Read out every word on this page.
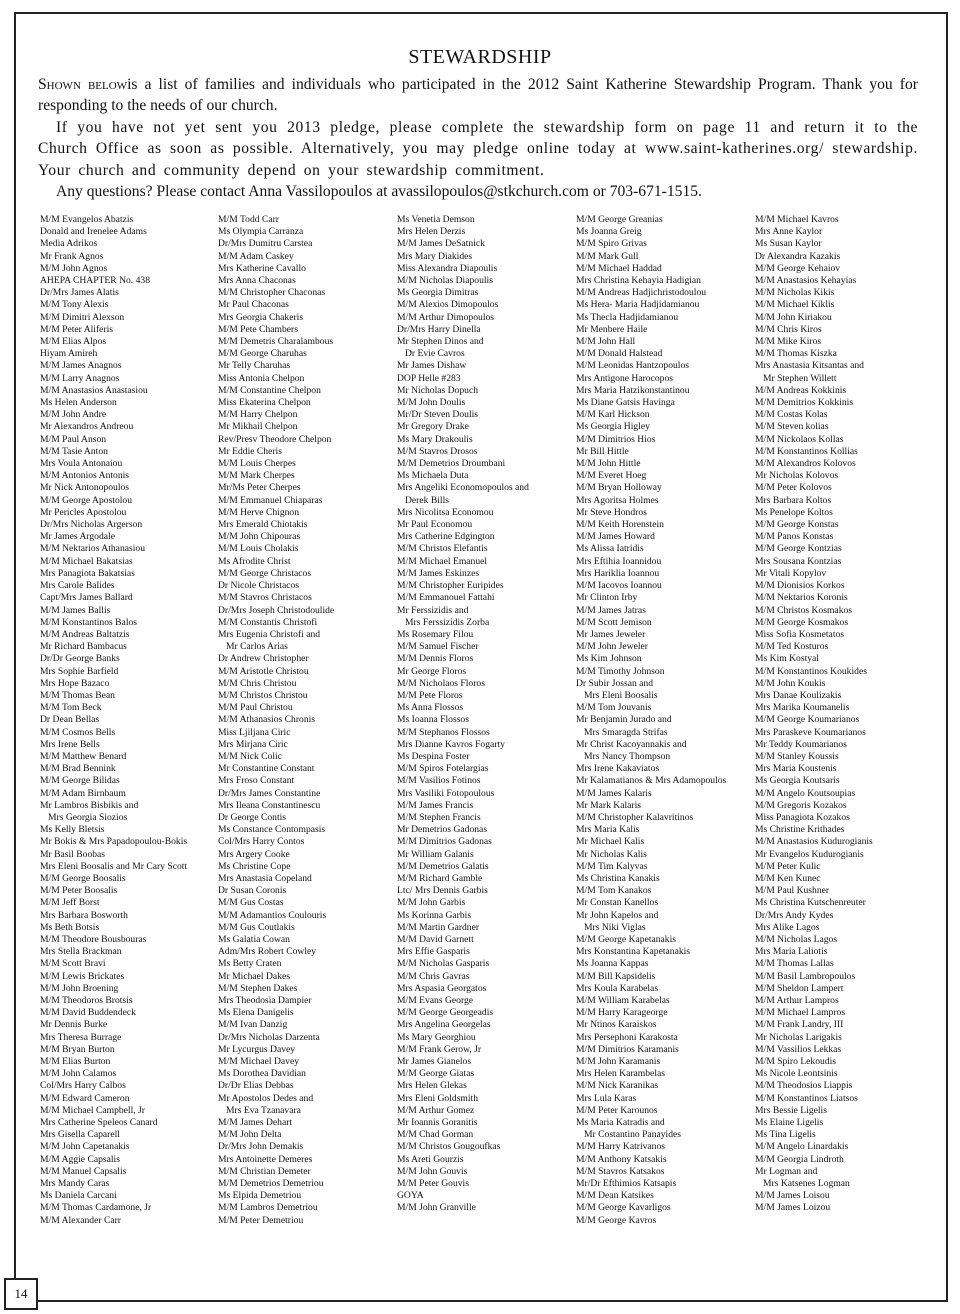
STEWARDSHIP

Shown belowis a list of families and individuals who participated in the 2012 Saint Katherine Stewardship Program. Thank you for responding to the needs of our church.

If you have not yet sent you 2013 pledge, please complete the stewardship form on page 11 and return it to the Church Office as soon as possible. Alternatively, you may pledge online today at www.saint-katherines.org/ stewardship. Your church and community depend on your stewardship commitment.

Any questions? Please contact Anna Vassilopoulos at avassilopoulos@stkchurch.com or 703-671-1515.

M/M Evangelos Abatzis
Donald and Irenelee Adams
Media Adrikos
Mr Frank Agnos
M/M John Agnos
AHEPA CHAPTER No. 438
Dr/Mrs James Alatis
M/M Tony Alexis
M/M Dimitri Alexson
M/M Peter Aliferis
M/M Elias Alpos
Hiyam Amireh
M/M James Anagnos
M/M Larry Anagnos
M/M Anastasios Anastasiou
Ms Helen Anderson
M/M John Andre
Mr Alexandros Andreou
M/M Paul Anson
M/M Tasie Anton
Mrs Voula Antonaiou
M/M Antonios Antonis
Mr Nick Antonopoulos
M/M George Apostolou
Mr Pericles Apostolou
Dr/Mrs Nicholas Argerson
Mr James Argodale
M/M Nektarios Athanasiou
M/M Michael Bakatsias
Mrs Panagiota Bakatsias
Mrs Carole Balides
Capt/Mrs James Ballard
M/M James Ballis
M/M Konstantinos Balos
M/M Andreas Baltatzis
Mr Richard Bambacus
Dr/Dr George Banks
Mrs Sophie Barfield
Mrs Hope Bazaco
M/M Thomas Bean
M/M Tom Beck
Dr Dean Bellas
M/M Cosmos Bells
Mrs Irene Bells
M/M Matthew Benard
M/M Brad Bennink
M/M George Bilidas
M/M Adam Birnbaum
Mr Lambros Bisbikis and
Mrs Georgia Siozios
Ms Kelly Bletsis
Mr Bokis & Mrs Papadopoulou-Bokis
Mr Basil Boobas
Mrs Eleni Boosalis and Mr Cary Scott
M/M George Boosalis
M/M Peter Boosalis
M/M Jeff Borst
Mrs Barbara Bosworth
Ms Beth Botsis
M/M Theodore Bousbouras
Mrs Stella Brackman
M/M Scott Bravi
M/M Lewis Brickates
M/M John Broening
M/M Theodoros Brotsis
M/M David Buddendeck
Mr Dennis Burke
Mrs Theresa Burrage
M/M Bryan Burton
M/M Elias Burton
M/M John Calamos
Col/Mrs Harry Calbos
M/M Edward Cameron
M/M Michael Campbell, Jr
Mrs Catherine Speleos Canard
Mrs Gisella Caparell
M/M John Capetanakis
M/M Aggie Capsalis
M/M Manuel Capsalis
Mrs Mandy Caras
Ms Daniela Carcani
M/M Thomas Cardamone, Jr
M/M Alexander Carr
M/M Todd Carr
Ms Olympia Carranza
Dr/Mrs Dumitru Carstea
M/M Adam Caskey
Mrs Katherine Cavallo
Mrs Anna Chaconas
M/M Christopher Chaconas
Mr Paul Chaconas
Mrs Georgia Chakeris
M/M Pete Chambers
M/M Demetris Charalambous
M/M George Charuhas
Mr Telly Charuhas
Miss Antonia Chelpon
M/M Constantine Chelpon
Miss Ekaterina Chelpon
M/M Harry Chelpon
Mr Mikhail Chelpon
Rev/Presv Theodore Chelpon
Mr Eddie Cheris
M/M Louis Cherpes
M/M Mark Cherpes
Mr/Ms Peter Cherpes
M/M Emmanuel Chiaparas
M/M Herve Chignon
Mrs Emerald Chiotakis
M/M John Chipouras
M/M Louis Cholakis
Ms Afrodite Christ
M/M George Christacos
Dr Nicole Christacos
M/M Stavros Christacos
Dr/Mrs Joseph Christodoulide
M/M Constantis Christofi
Mrs Eugenia Christofi and
Mr Carlos Arias
Dr Andrew Christopher
M/M Aristotle Christou
M/M Chris Christou
M/M Christos Christou
M/M Paul Christou
M/M Athanasios Chronis
Miss Ljiljana Ciric
Mrs Mirjana Ciric
M/M Nick Colic
Mr Constantine Constant
Mrs Froso Constant
Dr/Mrs James Constantine
Mrs Ileana Constantinescu
Dr George Contis
Ms Constance Contompasis
Col/Mrs Harry Contos
Mrs Argery Cooke
Ms Christine Cope
Mrs Anastasia Copeland
Dr Susan Coronis
M/M Gus Costas
M/M Adamantios Coulouris
M/M Gus Coutlakis
Ms Galatia Cowan
Adm/Mrs Robert Cowley
Ms Betty Craten
Mr Michael Dakes
M/M Stephen Dakes
Mrs Theodosia Dampier
Ms Elena Danigelis
M/M Ivan Danzig
Dr/Mrs Nicholas Darzenta
Mr Lycurgus Davey
M/M Michael Davey
Ms Dorothea Davidian
Dr/Dr Elias Debbas
Mr Apostolos Dedes and
Mrs Eva Tzanavara
M/M James Dehart
M/M John Delta
Dr/Mrs John Demakis
Mrs Antoinette Demeres
M/M Christian Demeter
M/M Demetrios Demetriou
Ms Elpida Demetriou
M/M Lambros Demetriou
M/M Peter Demetriou
Ms Venetia Demson
Mrs Helen Derzis
M/M James DeSatnick
Mrs Mary Diakides
Miss Alexandra Diapoulis
M/M Nicholas Diapoulis
Ms Georgia Dimitras
M/M Alexios Dimopoulos
M/M Arthur Dimopoulos
Dr/Mrs Harry Dinella
Mr Stephen Dinos and
Dr Evie Cavros
Mr James Dishaw
DOP Helle #283
Mr Nicholas Dopuch
M/M John Doulis
Mr/Dr Steven Doulis
Mr Gregory Drake
Ms Mary Drakoulis
M/M Stavros Drosos
M/M Demetrios Droumbani
Ms Michaela Duta
Mrs Angeliki Economopoulos and
Derek Bills
Mrs Nicolitsa Economou
Mr Paul Economou
Mrs Catherine Edgington
M/M Christos Elefantis
M/M Michael Emanuel
M/M James Eskinzes
M/M Christopher Euripides
M/M Emmanouel Fattahi
Mr Ferssizidis and
Mrs Ferssizidis Zorba
Ms Rosemary Filou
M/M Samuel Fischer
M/M Dennis Floros
Mr George Floros
M/M Nicholaos Floros
M/M Pete Floros
Ms Anna Flossos
Ms Ioanna Flossos
M/M Stephanos Flossos
Mrs Dianne Kavros Fogarty
Ms Despina Foster
M/M Spiros Fotelargias
M/M Vasilios Fotinos
Mrs Vasiliki Fotopoulous
M/M James Francis
M/M Stephen Francis
Mr Demetrios Gadonas
M/M Dimitrios Gadonas
Mr William Galanis
M/M Demetrios Galatis
M/M Richard Gamble
Ltc/ Mrs Dennis Garbis
M/M John Garbis
Ms Korinna Garbis
M/M Martin Gardner
M/M David Garnett
Mrs Effie Gasparis
M/M Nicholas Gasparis
M/M Chris Gavras
Mrs Aspasia Georgatos
M/M Evans George
M/M George Georgeadis
Mrs Angelina Georgelas
Ms Mary Georghiou
M/M Frank Gerow, Jr
Mr James Gianelos
M/M George Giatas
Mrs Helen Glekas
Mrs Eleni Goldsmith
M/M Arthur Gomez
Mr Ioannis Goranitis
M/M Chad Gorman
M/M Christos Gougoufkas
Ms Areti Gourzis
M/M John Gouvis
M/M Peter Gouvis
GOYA
M/M John Granville
M/M George Greanias
Ms Joanna Greig
M/M Spiro Grivas
M/M Mark Gull
M/M Michael Haddad
Mrs Christina Kehayia Hadigian
M/M Andreas Hadjichristodoulou
Ms Hera- Maria Hadjidamianou
Ms Thecla Hadjidamianou
Mr Menbere Haile
M/M John Hall
M/M Donald Halstead
M/M Leonidas Hantzopoulos
Mrs Antigone Harocopos
Mrs Maria Hatzikonstantinou
Ms Diane Gatsis Havinga
M/M Karl Hickson
Ms Georgia Higley
M/M Dimitrios Hios
Mr Bill Hittle
M/M John Hittle
M/M Everet Hoeg
M/M Bryan Holloway
Mrs Agoritsa Holmes
Mr Steve Hondros
M/M Keith Horenstein
M/M James Howard
Ms Alissa Iatridis
Mrs Eftihia Ioannidou
Mrs Hariklia Ioannou
M/M Iacovos Ioannou
Mr Clinton Irby
M/M James Jatras
M/M Scott Jemison
Mr James Jeweler
M/M John Jeweler
Ms Kim Johnson
M/M Timothy Johnson
Dr Subir Jossan and
Mrs Eleni Boosalis
M/M Tom Jouvanis
Mr Benjamin Jurado and
Mrs Smaragda Strifas
Mr Christ Kacoyannakis and
Mrs Nancy Thompson
Mrs Irene Kakaviatos
Mr Kalamatianos & Mrs Adamopoulos
M/M James Kalaris
Mr Mark Kalaris
M/M Christopher Kalavritinos
Mrs Maria Kalis
Mr Michael Kalis
Mr Nicholas Kalis
M/M Tim Kalyvas
Ms Christina Kanakis
M/M Tom Kanakos
Mr Constan Kanellos
Mr John Kapelos and
Mrs Niki Viglas
M/M George Kapetanakis
Mrs Konstantina Kapetanakis
Ms Joanna Kappas
M/M Bill Kapsidelis
Mrs Koula Karabelas
M/M William Karabelas
M/M Harry Karageorge
Mr Ntinos Karaiskos
Mrs Persephoni Karakosta
M/M Dimitrios Karamanis
M/M John Karamanis
Mrs Helen Karambelas
M/M Nick Karanikas
Mrs Lula Karas
M/M Peter Karounos
Ms Maria Katradis and
Mr Costantino Panayides
M/M Harry Katrivanos
M/M Anthony Katsakis
M/M Stavros Katsakos
Mr/Dr Efthimios Katsapis
M/M Dean Katsikes
M/M George Kavarligos
M/M George Kavros
M/M Michael Kavros
Mrs Anne Kaylor
Ms Susan Kaylor
Dr Alexandra Kazakis
M/M George Kehaiov
M/M Anastasios Kehayias
M/M Nicholas Kikis
M/M Michael Kiklis
M/M John Kiriakou
M/M Chris Kiros
M/M Mike Kiros
M/M Thomas Kiszka
Mrs Anastasia Kitsantas and
Mr Stephen Willett
M/M Andreas Kokkinis
M/M Demitrios Kokkinis
M/M Costas Kolas
M/M Steven kolias
M/M Nickolaos Kollas
M/M Konstantinos Kollias
M/M Alexandros Kolovos
Mr Nicholas Kolovos
M/M Peter Kolovos
Mrs Barbara Koltos
Ms Penelope Koltos
M/M George Konstas
M/M Panos Konstas
M/M George Kontzias
Mrs Sousana Kontzias
Mr Vitali Kopylov
M/M Dionisios Korkos
M/M Nektarios Koronis
M/M Christos Kosmakos
M/M George Kosmakos
Miss Sofia Kosmetatos
M/M Ted Kosturos
Ms Kim Kostyal
M/M Konstantinos Koukides
M/M John Koukis
Mrs Danae Koulizakis
Mrs Marika Koumanelis
M/M George Koumarianos
Mrs Paraskeve Koumarianos
Mr Teddy Koumarianos
M/M Stanley Koussis
Mrs Maria Koustenis
Ms Georgia Koutsaris
M/M Angelo Koutsoupias
M/M Gregoris Kozakos
Miss Panagiota Kozakos
Ms Christine Krithades
M/M Anastasios Kudurogianis
Mr Evangelos Kudurogianis
M/M Peter Kulic
M/M Ken Kunec
M/M Paul Kushner
Ms Christina Kutschenreuter
Dr/Mrs Andy Kydes
Mrs Alike Lagos
M/M Nicholas Lagos
Mrs Maria Laliotis
M/M Thomas Lallas
M/M Basil Lambropoulos
M/M Sheldon Lampert
M/M Arthur Lampros
M/M Michael Lampros
M/M Frank Landry, III
Mr Nicholas Larigakis
M/M Vassilios Lekkas
M/M Spiro Lekoudis
Ms Nicole Leontsinis
M/M Theodosios Liappis
M/M Konstantinos Liatsos
Mrs Bessie Ligelis
Ms Elaine Ligelis
Ms Tina Ligelis
M/M Angelo Linardakis
M/M Georgia Lindroth
Mr Logman and
Mrs Katsenes Logman
M/M James Loisou
M/M James Loizou
14
